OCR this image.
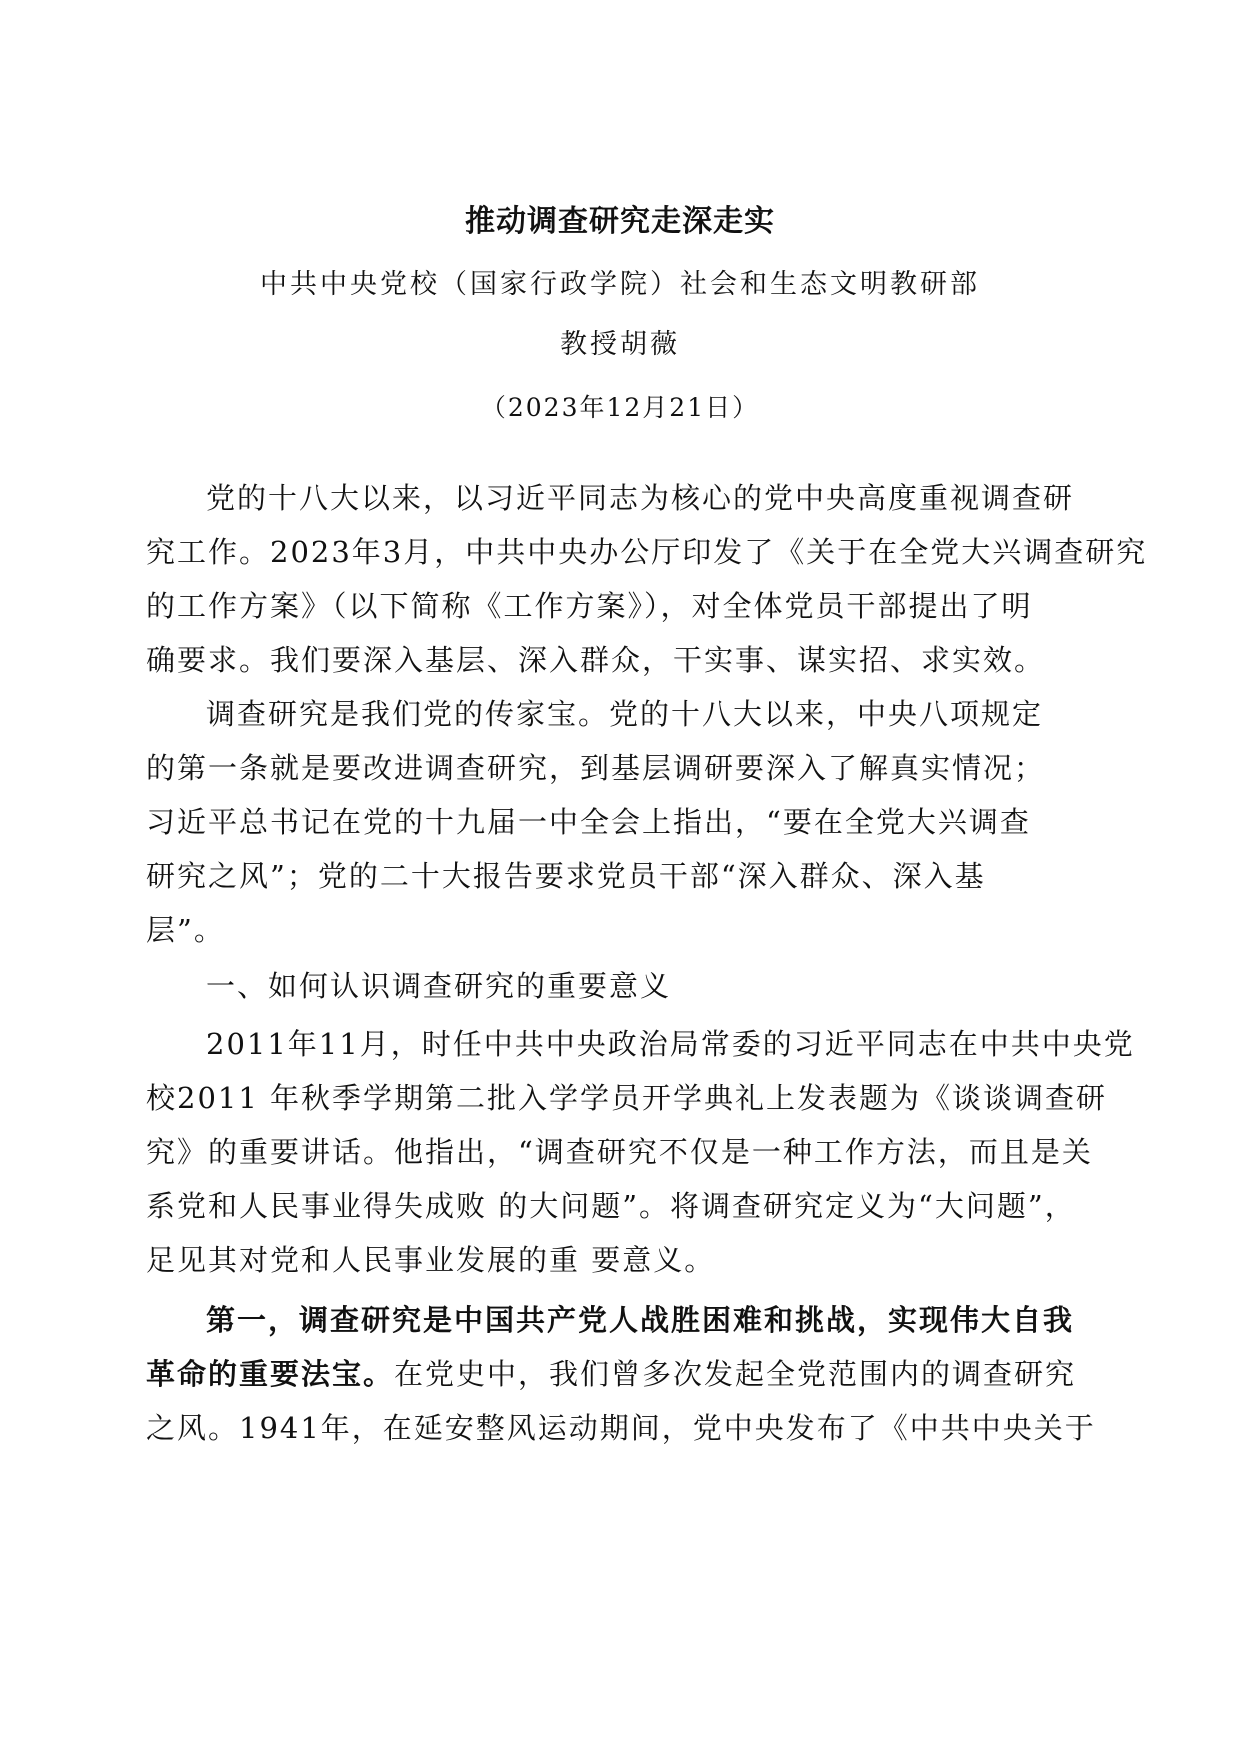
推动调查研究走深走实
中共中央党校（国家行政学院）社会和生态文明教研部
教授胡薇
（2023年12月21日）
党的十八大以来，以习近平同志为核心的党中央高度重视调查研
究工作。2023年3月，中共中央办公厅印发了《关于在全党大兴调查研究
的工作方案》（以下简称《工作方案》），对全体党员干部提出了明
确要求。我们要深入基层、深入群众，干实事、谋实招、求实效。
调查研究是我们党的传家宝。党的十八大以来，中央八项规定
的第一条就是要改进调查研究，到基层调研要深入了解真实情况；
习近平总书记在党的十九届一中全会上指出，“要在全党大兴调查
研究之风”；党的二十大报告要求党员干部“深入群众、深入基
层”。
一、如何认识调查研究的重要意义
2011年11月，时任中共中央政治局常委的习近平同志在中共中央党
校2011 年秋季学期第二批入学学员开学典礼上发表题为《谈谈调查研
究》的重要讲话。他指出，“调查研究不仅是一种工作方法，而且是关
系党和人民事业得失成败 的大问题”。将调查研究定义为“大问题”，
足见其对党和人民事业发展的重 要意义。
第一，调查研究是中国共产党人战胜困难和挑战，实现伟大自我
革命的重要法宝。在党史中，我们曾多次发起全党范围内的调查研究
之风。1941年，在延安整风运动期间，党中央发布了《中共中央关于
